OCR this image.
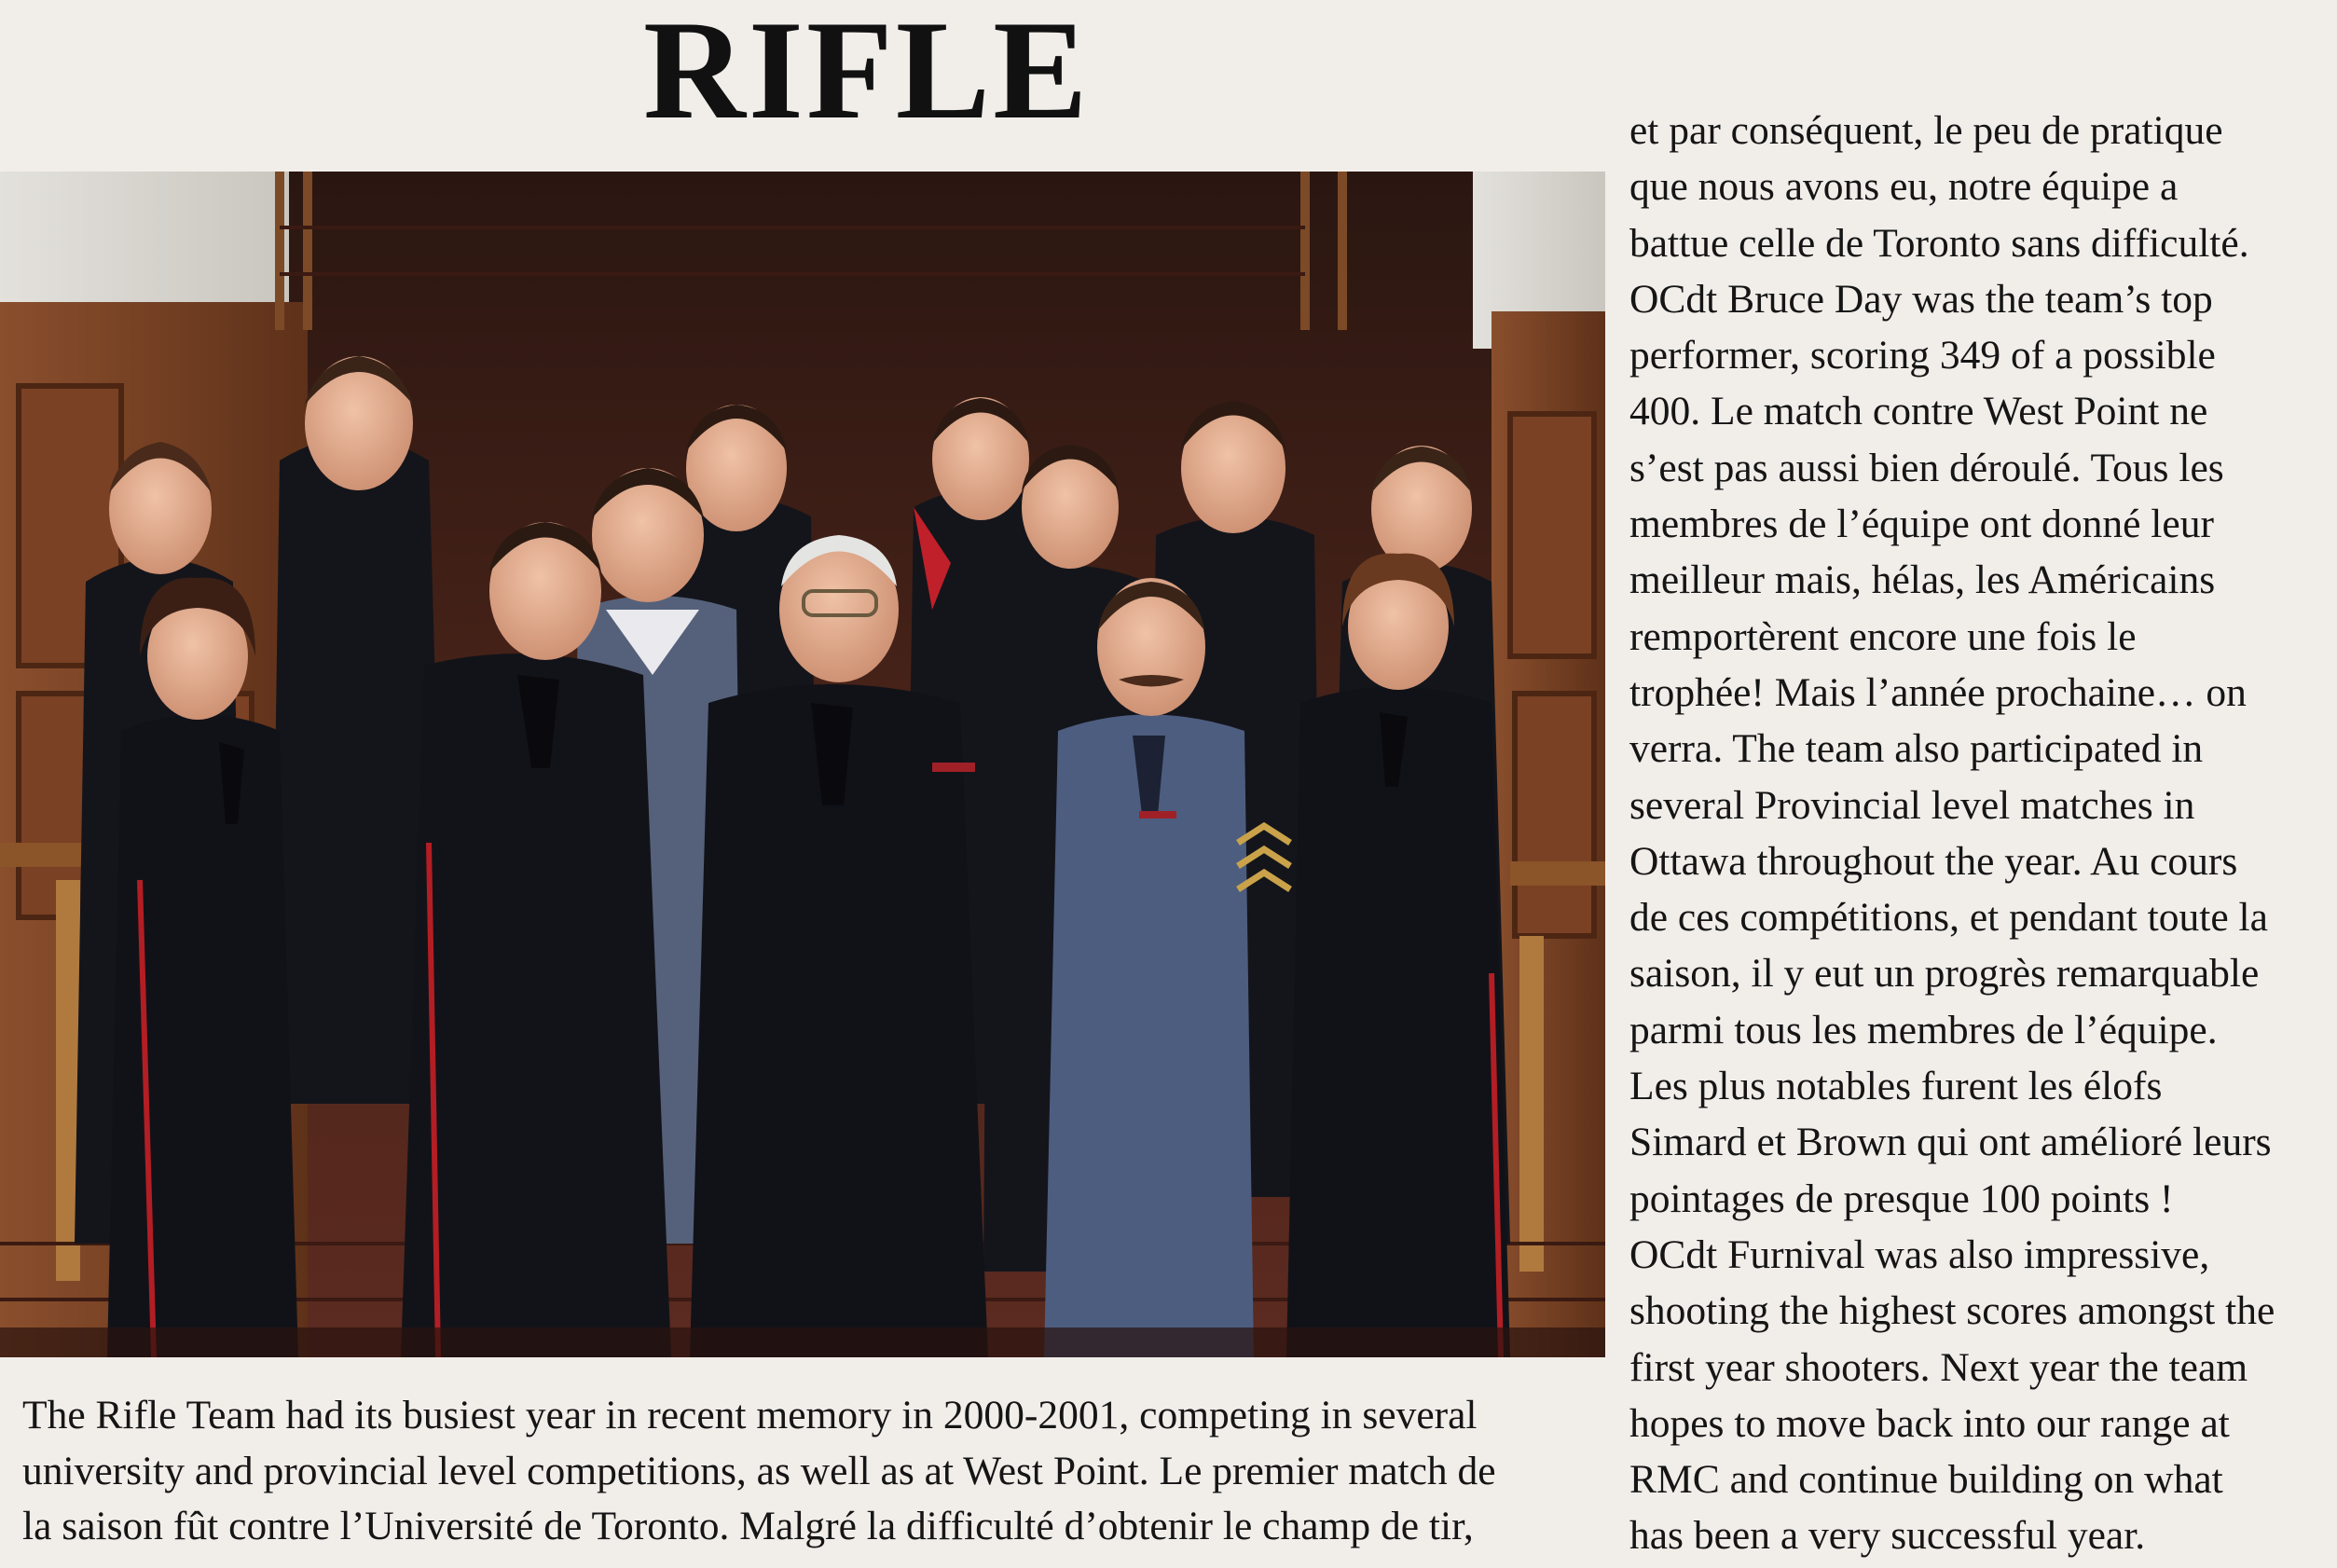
RIFLE	et par conséquent, le peu de pratique
que nous avons eu, notre équipe a
battue celle de Toronto sans difficulté.
OCdt Bruce Day was the team’s top
performer, scoring 349 of a possible
400. Le match contre West Point ne
s’est pas aussi bien déroulé. Tous les
membres de l’équipe ont donné leur
meilleur mais, hélas, les Américains
remportèrent encore une fois le
trophée! Mais l’année prochaine… on
verra. The team also participated in
several Provincial level matches in
Ottawa throughout the year. Au cours
de ces compétitions, et pendant toute la
saison, il y eut un progrès remarquable
parmi tous les membres de l’équipe.
Les plus notables furent les élofs
Simard et Brown qui ont amélioré leurs
pointages de presque 100 points !
OCdt Furnival was also impressive,
shooting the highest scores amongst the
first year shooters. Next year the team
hopes to move back into our range at
RMC and continue building on what
has been a very successful year.
The Rifle Team had its busiest year in recent memory in 2000-2001, competing in several
university and provincial level competitions, as well as at West Point. Le premier match de
la saison fût contre l’Université de Toronto. Malgré la difficulté d’obtenir le champ de tir,
